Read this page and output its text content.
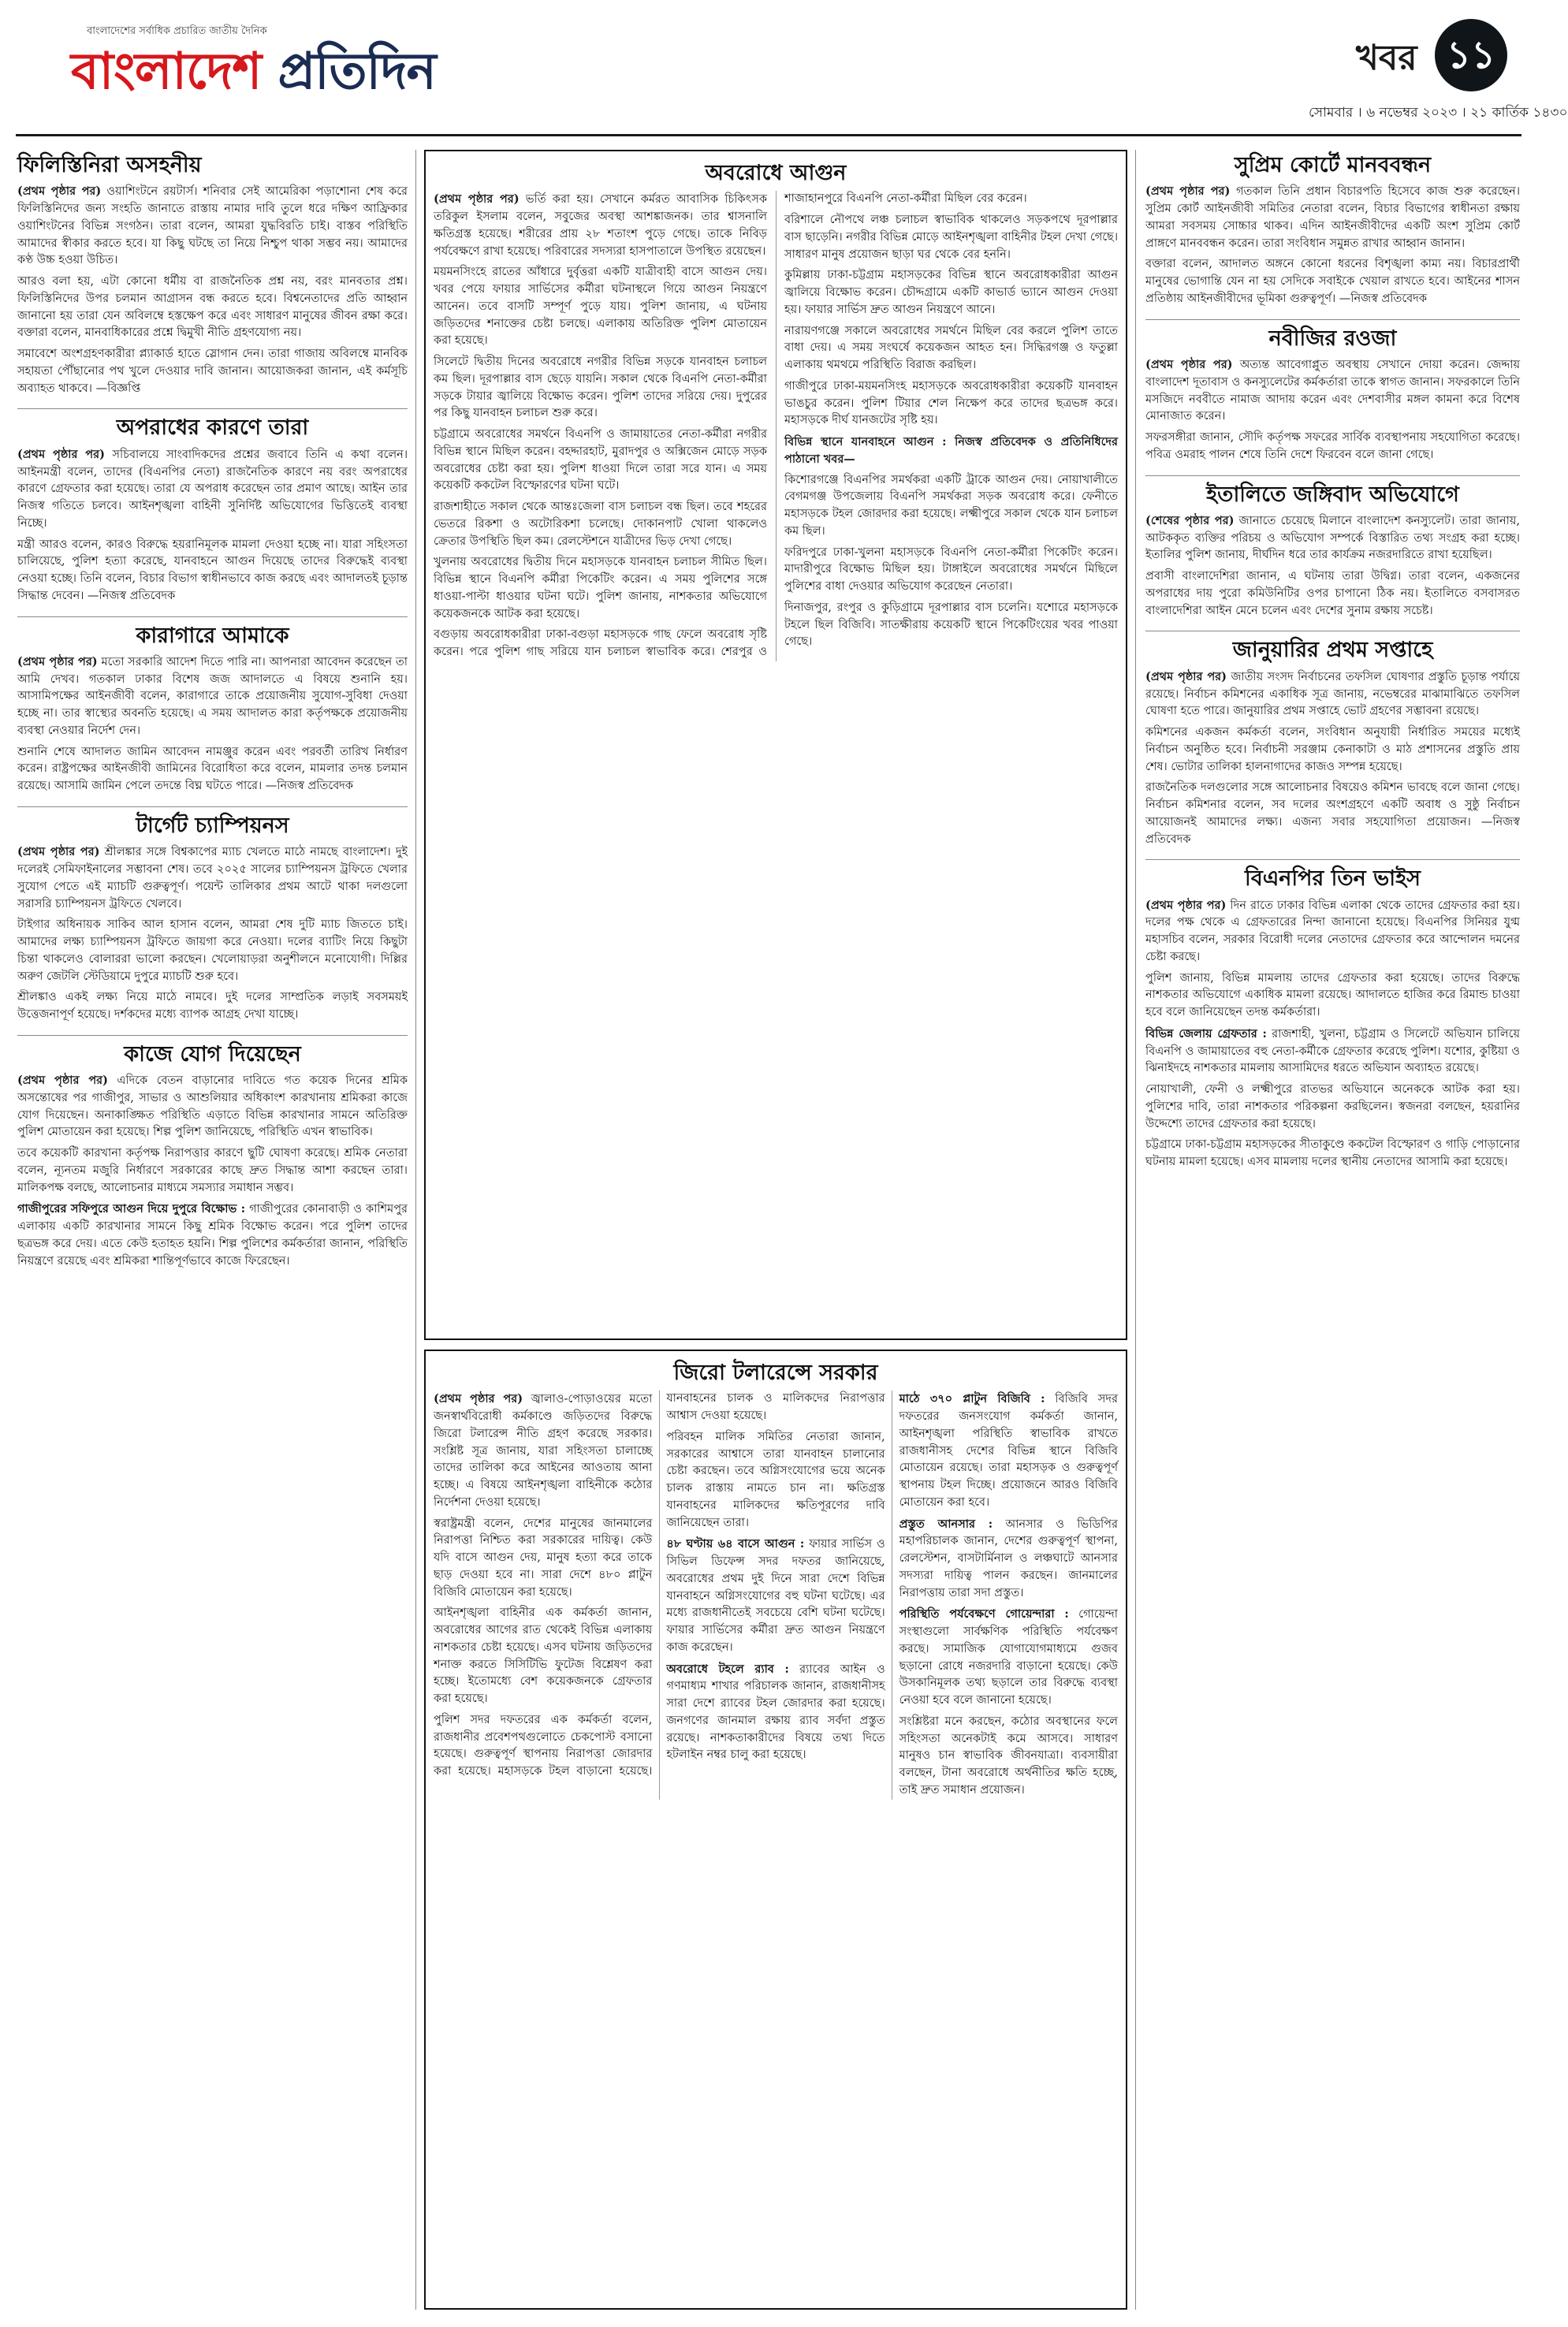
বাংলাদেশের সর্বাধিক প্রচারিত জাতীয় দৈনিক
বাংলাদেশ প্রতিদিন	খবর ১১
সোমবার । ৬ নভেম্বর ২০২৩ । ২১ কার্তিক ১৪৩০
ফিলিস্তিনিরা অসহনীয়

(প্রথম পৃষ্ঠার পর) ওয়াশিংটনে রয়টার্স। শনিবার সেই আমেরিকা পড়াশোনা শেষ করে ফিলিস্তিনিদের জন্য সংহতি জানাতে রাস্তায় নামার দাবি তুলে ধরে দক্ষিণ আফ্রিকার ওয়াশিংটনের বিভিন্ন সংগঠন। তারা বলেন, আমরা যুদ্ধবিরতি চাই। বাস্তব পরিস্থিতি আমাদের স্বীকার করতে হবে। যা কিছু ঘটছে তা নিয়ে নিশ্চুপ থাকা সম্ভব নয়। আমাদের কণ্ঠ উচ্চ হওয়া উচিত।

আরও বলা হয়, এটা কোনো ধর্মীয় বা রাজনৈতিক প্রশ্ন নয়, বরং মানবতার প্রশ্ন। ফিলিস্তিনিদের উপর চলমান আগ্রাসন বন্ধ করতে হবে। বিশ্বনেতাদের প্রতি আহ্বান জানানো হয় তারা যেন অবিলম্বে হস্তক্ষেপ করে এবং সাধারণ মানুষের জীবন রক্ষা করে। বক্তারা বলেন, মানবাধিকারের প্রশ্নে দ্বিমুখী নীতি গ্রহণযোগ্য নয়।

সমাবেশে অংশগ্রহণকারীরা প্ল্যাকার্ড হাতে স্লোগান দেন। তারা গাজায় অবিলম্বে মানবিক সহায়তা পৌঁছানোর পথ খুলে দেওয়ার দাবি জানান। আয়োজকরা জানান, এই কর্মসূচি অব্যাহত থাকবে। —বিজ্ঞপ্তি

অপরাধের কারণে তারা

(প্রথম পৃষ্ঠার পর) সচিবালয়ে সাংবাদিকদের প্রশ্নের জবাবে তিনি এ কথা বলেন। আইনমন্ত্রী বলেন, তাদের (বিএনপির নেতা) রাজনৈতিক কারণে নয় বরং অপরাধের কারণে গ্রেফতার করা হয়েছে। তারা যে অপরাধ করেছেন তার প্রমাণ আছে। আইন তার নিজস্ব গতিতে চলবে। আইনশৃঙ্খলা বাহিনী সুনির্দিষ্ট অভিযোগের ভিত্তিতেই ব্যবস্থা নিচ্ছে।

মন্ত্রী আরও বলেন, কারও বিরুদ্ধে হয়রানিমূলক মামলা দেওয়া হচ্ছে না। যারা সহিংসতা চালিয়েছে, পুলিশ হত্যা করেছে, যানবাহনে আগুন দিয়েছে তাদের বিরুদ্ধেই ব্যবস্থা নেওয়া হচ্ছে। তিনি বলেন, বিচার বিভাগ স্বাধীনভাবে কাজ করছে এবং আদালতই চূড়ান্ত সিদ্ধান্ত দেবেন। —নিজস্ব প্রতিবেদক

কারাগারে আমাকে

(প্রথম পৃষ্ঠার পর) মতো সরকারি আদেশ দিতে পারি না। আপনারা আবেদন করেছেন তা আমি দেখব। গতকাল ঢাকার বিশেষ জজ আদালতে এ বিষয়ে শুনানি হয়। আসামিপক্ষের আইনজীবী বলেন, কারাগারে তাকে প্রয়োজনীয় সুযোগ-সুবিধা দেওয়া হচ্ছে না। তার স্বাস্থ্যের অবনতি হয়েছে। এ সময় আদালত কারা কর্তৃপক্ষকে প্রয়োজনীয় ব্যবস্থা নেওয়ার নির্দেশ দেন।

শুনানি শেষে আদালত জামিন আবেদন নামঞ্জুর করেন এবং পরবর্তী তারিখ নির্ধারণ করেন। রাষ্ট্রপক্ষের আইনজীবী জামিনের বিরোধিতা করে বলেন, মামলার তদন্ত চলমান রয়েছে। আসামি জামিন পেলে তদন্তে বিঘ্ন ঘটতে পারে। —নিজস্ব প্রতিবেদক

টার্গেট চ্যাম্পিয়নস

(প্রথম পৃষ্ঠার পর) শ্রীলঙ্কার সঙ্গে বিশ্বকাপের ম্যাচ খেলতে মাঠে নামছে বাংলাদেশ। দুই দলেরই সেমিফাইনালের সম্ভাবনা শেষ। তবে ২০২৫ সালের চ্যাম্পিয়নস ট্রফিতে খেলার সুযোগ পেতে এই ম্যাচটি গুরুত্বপূর্ণ। পয়েন্ট তালিকার প্রথম আটে থাকা দলগুলো সরাসরি চ্যাম্পিয়নস ট্রফিতে খেলবে।

টাইগার অধিনায়ক সাকিব আল হাসান বলেন, আমরা শেষ দুটি ম্যাচ জিততে চাই। আমাদের লক্ষ্য চ্যাম্পিয়নস ট্রফিতে জায়গা করে নেওয়া। দলের ব্যাটিং নিয়ে কিছুটা চিন্তা থাকলেও বোলাররা ভালো করছেন। খেলোয়াড়রা অনুশীলনে মনোযোগী। দিল্লির অরুণ জেটলি স্টেডিয়ামে দুপুরে ম্যাচটি শুরু হবে।

শ্রীলঙ্কাও একই লক্ষ্য নিয়ে মাঠে নামবে। দুই দলের সাম্প্রতিক লড়াই সবসময়ই উত্তেজনাপূর্ণ হয়েছে। দর্শকদের মধ্যে ব্যাপক আগ্রহ দেখা যাচ্ছে।

কাজে যোগ দিয়েছেন

(প্রথম পৃষ্ঠার পর) এদিকে বেতন বাড়ানোর দাবিতে গত কয়েক দিনের শ্রমিক অসন্তোষের পর গাজীপুর, সাভার ও আশুলিয়ার অধিকাংশ কারখানায় শ্রমিকরা কাজে যোগ দিয়েছেন। অনাকাঙ্ক্ষিত পরিস্থিতি এড়াতে বিভিন্ন কারখানার সামনে অতিরিক্ত পুলিশ মোতায়েন করা হয়েছে। শিল্প পুলিশ জানিয়েছে, পরিস্থিতি এখন স্বাভাবিক।

তবে কয়েকটি কারখানা কর্তৃপক্ষ নিরাপত্তার কারণে ছুটি ঘোষণা করেছে। শ্রমিক নেতারা বলেন, ন্যূনতম মজুরি নির্ধারণে সরকারের কাছে দ্রুত সিদ্ধান্ত আশা করছেন তারা। মালিকপক্ষ বলছে, আলোচনার মাধ্যমে সমস্যার সমাধান সম্ভব।

গাজীপুরের সফিপুরে আগুন দিয়ে দুপুরে বিক্ষোভ : গাজীপুরের কোনাবাড়ী ও কাশিমপুর এলাকায় একটি কারখানার সামনে কিছু শ্রমিক বিক্ষোভ করেন। পরে পুলিশ তাদের ছত্রভঙ্গ করে দেয়। এতে কেউ হতাহত হয়নি। শিল্প পুলিশের কর্মকর্তারা জানান, পরিস্থিতি নিয়ন্ত্রণে রয়েছে এবং শ্রমিকরা শান্তিপূর্ণভাবে কাজে ফিরেছেন।

অবরোধে আগুন

(প্রথম পৃষ্ঠার পর) ভর্তি করা হয়। সেখানে কর্মরত আবাসিক চিকিৎসক তরিকুল ইসলাম বলেন, সবুজের অবস্থা আশঙ্কাজনক। তার শ্বাসনালি ক্ষতিগ্রস্ত হয়েছে। শরীরের প্রায় ২৮ শতাংশ পুড়ে গেছে। তাকে নিবিড় পর্যবেক্ষণে রাখা হয়েছে। পরিবারের সদস্যরা হাসপাতালে উপস্থিত রয়েছেন।

ময়মনসিংহে রাতের আঁধারে দুর্বৃত্তরা একটি যাত্রীবাহী বাসে আগুন দেয়। খবর পেয়ে ফায়ার সার্ভিসের কর্মীরা ঘটনাস্থলে গিয়ে আগুন নিয়ন্ত্রণে আনেন। তবে বাসটি সম্পূর্ণ পুড়ে যায়। পুলিশ জানায়, এ ঘটনায় জড়িতদের শনাক্তের চেষ্টা চলছে। এলাকায় অতিরিক্ত পুলিশ মোতায়েন করা হয়েছে।

সিলেটে দ্বিতীয় দিনের অবরোধে নগরীর বিভিন্ন সড়কে যানবাহন চলাচল কম ছিল। দূরপাল্লার বাস ছেড়ে যায়নি। সকাল থেকে বিএনপি নেতা-কর্মীরা সড়কে টায়ার জ্বালিয়ে বিক্ষোভ করেন। পুলিশ তাদের সরিয়ে দেয়। দুপুরের পর কিছু যানবাহন চলাচল শুরু করে।

চট্টগ্রামে অবরোধের সমর্থনে বিএনপি ও জামায়াতের নেতা-কর্মীরা নগরীর বিভিন্ন স্থানে মিছিল করেন। বহদ্দারহাট, মুরাদপুর ও অক্সিজেন মোড়ে সড়ক অবরোধের চেষ্টা করা হয়। পুলিশ ধাওয়া দিলে তারা সরে যান। এ সময় কয়েকটি ককটেল বিস্ফোরণের ঘটনা ঘটে।

রাজশাহীতে সকাল থেকে আন্তঃজেলা বাস চলাচল বন্ধ ছিল। তবে শহরের ভেতরে রিকশা ও অটোরিকশা চলেছে। দোকানপাট খোলা থাকলেও ক্রেতার উপস্থিতি ছিল কম। রেলস্টেশনে যাত্রীদের ভিড় দেখা গেছে।

খুলনায় অবরোধের দ্বিতীয় দিনে মহাসড়কে যানবাহন চলাচল সীমিত ছিল। বিভিন্ন স্থানে বিএনপি কর্মীরা পিকেটিং করেন। এ সময় পুলিশের সঙ্গে ধাওয়া-পাল্টা ধাওয়ার ঘটনা ঘটে। পুলিশ জানায়, নাশকতার অভিযোগে কয়েকজনকে আটক করা হয়েছে।

বগুড়ায় অবরোধকারীরা ঢাকা-বগুড়া মহাসড়কে গাছ ফেলে অবরোধ সৃষ্টি করেন। পরে পুলিশ গাছ সরিয়ে যান চলাচল স্বাভাবিক করে। শেরপুর ও শাজাহানপুরে বিএনপি নেতা-কর্মীরা মিছিল বের করেন।

বরিশালে নৌপথে লঞ্চ চলাচল স্বাভাবিক থাকলেও সড়কপথে দূরপাল্লার বাস ছাড়েনি। নগরীর বিভিন্ন মোড়ে আইনশৃঙ্খলা বাহিনীর টহল দেখা গেছে। সাধারণ মানুষ প্রয়োজন ছাড়া ঘর থেকে বের হননি।

কুমিল্লায় ঢাকা-চট্টগ্রাম মহাসড়কের বিভিন্ন স্থানে অবরোধকারীরা আগুন জ্বালিয়ে বিক্ষোভ করেন। চৌদ্দগ্রামে একটি কাভার্ড ভ্যানে আগুন দেওয়া হয়। ফায়ার সার্ভিস দ্রুত আগুন নিয়ন্ত্রণে আনে।

নারায়ণগঞ্জে সকালে অবরোধের সমর্থনে মিছিল বের করলে পুলিশ তাতে বাধা দেয়। এ সময় সংঘর্ষে কয়েকজন আহত হন। সিদ্ধিরগঞ্জ ও ফতুল্লা এলাকায় থমথমে পরিস্থিতি বিরাজ করছিল।

গাজীপুরে ঢাকা-ময়মনসিংহ মহাসড়কে অবরোধকারীরা কয়েকটি যানবাহন ভাঙচুর করেন। পুলিশ টিয়ার শেল নিক্ষেপ করে তাদের ছত্রভঙ্গ করে। মহাসড়কে দীর্ঘ যানজটের সৃষ্টি হয়।

বিভিন্ন স্থানে যানবাহনে আগুন : নিজস্ব প্রতিবেদক ও প্রতিনিধিদের পাঠানো খবর—

কিশোরগঞ্জে বিএনপির সমর্থকরা একটি ট্রাকে আগুন দেয়। নোয়াখালীতে বেগমগঞ্জ উপজেলায় বিএনপি সমর্থকরা সড়ক অবরোধ করে। ফেনীতে মহাসড়কে টহল জোরদার করা হয়েছে। লক্ষ্মীপুরে সকাল থেকে যান চলাচল কম ছিল।

ফরিদপুরে ঢাকা-খুলনা মহাসড়কে বিএনপি নেতা-কর্মীরা পিকেটিং করেন। মাদারীপুরে বিক্ষোভ মিছিল হয়। টাঙ্গাইলে অবরোধের সমর্থনে মিছিলে পুলিশের বাধা দেওয়ার অভিযোগ করেছেন নেতারা।

দিনাজপুর, রংপুর ও কুড়িগ্রামে দূরপাল্লার বাস চলেনি। যশোরে মহাসড়কে টহলে ছিল বিজিবি। সাতক্ষীরায় কয়েকটি স্থানে পিকেটিংয়ের খবর পাওয়া গেছে।

জিরো টলারেন্সে সরকার

(প্রথম পৃষ্ঠার পর) জ্বালাও-পোড়াওয়ের মতো জনস্বার্থবিরোধী কর্মকাণ্ডে জড়িতদের বিরুদ্ধে জিরো টলারেন্স নীতি গ্রহণ করেছে সরকার। সংশ্লিষ্ট সূত্র জানায়, যারা সহিংসতা চালাচ্ছে তাদের তালিকা করে আইনের আওতায় আনা হচ্ছে। এ বিষয়ে আইনশৃঙ্খলা বাহিনীকে কঠোর নির্দেশনা দেওয়া হয়েছে।

স্বরাষ্ট্রমন্ত্রী বলেন, দেশের মানুষের জানমালের নিরাপত্তা নিশ্চিত করা সরকারের দায়িত্ব। কেউ যদি বাসে আগুন দেয়, মানুষ হত্যা করে তাকে ছাড় দেওয়া হবে না। সারা দেশে ৪৮০ প্লাটুন বিজিবি মোতায়েন করা হয়েছে।

আইনশৃঙ্খলা বাহিনীর এক কর্মকর্তা জানান, অবরোধের আগের রাত থেকেই বিভিন্ন এলাকায় নাশকতার চেষ্টা হয়েছে। এসব ঘটনায় জড়িতদের শনাক্ত করতে সিসিটিভি ফুটেজ বিশ্লেষণ করা হচ্ছে। ইতোমধ্যে বেশ কয়েকজনকে গ্রেফতার করা হয়েছে।

পুলিশ সদর দফতরের এক কর্মকর্তা বলেন, রাজধানীর প্রবেশপথগুলোতে চেকপোস্ট বসানো হয়েছে। গুরুত্বপূর্ণ স্থাপনায় নিরাপত্তা জোরদার করা হয়েছে। মহাসড়কে টহল বাড়ানো হয়েছে। যানবাহনের চালক ও মালিকদের নিরাপত্তার আশ্বাস দেওয়া হয়েছে।

পরিবহন মালিক সমিতির নেতারা জানান, সরকারের আশ্বাসে তারা যানবাহন চালানোর চেষ্টা করছেন। তবে অগ্নিসংযোগের ভয়ে অনেক চালক রাস্তায় নামতে চান না। ক্ষতিগ্রস্ত যানবাহনের মালিকদের ক্ষতিপূরণের দাবি জানিয়েছেন তারা।

৪৮ ঘণ্টায় ৬৪ বাসে আগুন : ফায়ার সার্ভিস ও সিভিল ডিফেন্স সদর দফতর জানিয়েছে, অবরোধের প্রথম দুই দিনে সারা দেশে বিভিন্ন যানবাহনে অগ্নিসংযোগের বহু ঘটনা ঘটেছে। এর মধ্যে রাজধানীতেই সবচেয়ে বেশি ঘটনা ঘটেছে। ফায়ার সার্ভিসের কর্মীরা দ্রুত আগুন নিয়ন্ত্রণে কাজ করেছেন।

অবরোধে টহলে র‍্যাব : র‍্যাবের আইন ও গণমাধ্যম শাখার পরিচালক জানান, রাজধানীসহ সারা দেশে র‍্যাবের টহল জোরদার করা হয়েছে। জনগণের জানমাল রক্ষায় র‍্যাব সর্বদা প্রস্তুত রয়েছে। নাশকতাকারীদের বিষয়ে তথ্য দিতে হটলাইন নম্বর চালু করা হয়েছে।

মাঠে ৩৭০ প্লাটুন বিজিবি : বিজিবি সদর দফতরের জনসংযোগ কর্মকর্তা জানান, আইনশৃঙ্খলা পরিস্থিতি স্বাভাবিক রাখতে রাজধানীসহ দেশের বিভিন্ন স্থানে বিজিবি মোতায়েন রয়েছে। তারা মহাসড়ক ও গুরুত্বপূর্ণ স্থাপনায় টহল দিচ্ছে। প্রয়োজনে আরও বিজিবি মোতায়েন করা হবে।

প্রস্তুত আনসার : আনসার ও ভিডিপির মহাপরিচালক জানান, দেশের গুরুত্বপূর্ণ স্থাপনা, রেলস্টেশন, বাসটার্মিনাল ও লঞ্চঘাটে আনসার সদস্যরা দায়িত্ব পালন করছেন। জানমালের নিরাপত্তায় তারা সদা প্রস্তুত।

পরিস্থিতি পর্যবেক্ষণে গোয়েন্দারা : গোয়েন্দা সংস্থাগুলো সার্বক্ষণিক পরিস্থিতি পর্যবেক্ষণ করছে। সামাজিক যোগাযোগমাধ্যমে গুজব ছড়ানো রোধে নজরদারি বাড়ানো হয়েছে। কেউ উসকানিমূলক তথ্য ছড়ালে তার বিরুদ্ধে ব্যবস্থা নেওয়া হবে বলে জানানো হয়েছে।

সংশ্লিষ্টরা মনে করছেন, কঠোর অবস্থানের ফলে সহিংসতা অনেকটাই কমে আসবে। সাধারণ মানুষও চান স্বাভাবিক জীবনযাত্রা। ব্যবসায়ীরা বলছেন, টানা অবরোধে অর্থনীতির ক্ষতি হচ্ছে, তাই দ্রুত সমাধান প্রয়োজন।

সুপ্রিম কোর্টে মানববন্ধন

(প্রথম পৃষ্ঠার পর) গতকাল তিনি প্রধান বিচারপতি হিসেবে কাজ শুরু করেছেন। সুপ্রিম কোর্ট আইনজীবী সমিতির নেতারা বলেন, বিচার বিভাগের স্বাধীনতা রক্ষায় আমরা সবসময় সোচ্চার থাকব। এদিন আইনজীবীদের একটি অংশ সুপ্রিম কোর্ট প্রাঙ্গণে মানববন্ধন করেন। তারা সংবিধান সমুন্নত রাখার আহ্বান জানান।

বক্তারা বলেন, আদালত অঙ্গনে কোনো ধরনের বিশৃঙ্খলা কাম্য নয়। বিচারপ্রার্থী মানুষের ভোগান্তি যেন না হয় সেদিকে সবাইকে খেয়াল রাখতে হবে। আইনের শাসন প্রতিষ্ঠায় আইনজীবীদের ভূমিকা গুরুত্বপূর্ণ। —নিজস্ব প্রতিবেদক

নবীজির রওজা

(প্রথম পৃষ্ঠার পর) অত্যন্ত আবেগাপ্লুত অবস্থায় সেখানে দোয়া করেন। জেদ্দায় বাংলাদেশ দূতাবাস ও কনস্যুলেটের কর্মকর্তারা তাকে স্বাগত জানান। সফরকালে তিনি মসজিদে নববীতে নামাজ আদায় করেন এবং দেশবাসীর মঙ্গল কামনা করে বিশেষ মোনাজাত করেন।

সফরসঙ্গীরা জানান, সৌদি কর্তৃপক্ষ সফরের সার্বিক ব্যবস্থাপনায় সহযোগিতা করেছে। পবিত্র ওমরাহ পালন শেষে তিনি দেশে ফিরবেন বলে জানা গেছে।

ইতালিতে জঙ্গিবাদ অভিযোগে

(শেষের পৃষ্ঠার পর) জানাতে চেয়েছে মিলানে বাংলাদেশ কনস্যুলেট। তারা জানায়, আটককৃত ব্যক্তির পরিচয় ও অভিযোগ সম্পর্কে বিস্তারিত তথ্য সংগ্রহ করা হচ্ছে। ইতালির পুলিশ জানায়, দীর্ঘদিন ধরে তার কার্যক্রম নজরদারিতে রাখা হয়েছিল।

প্রবাসী বাংলাদেশিরা জানান, এ ঘটনায় তারা উদ্বিগ্ন। তারা বলেন, একজনের অপরাধের দায় পুরো কমিউনিটির ওপর চাপানো ঠিক নয়। ইতালিতে বসবাসরত বাংলাদেশিরা আইন মেনে চলেন এবং দেশের সুনাম রক্ষায় সচেষ্ট।

জানুয়ারির প্রথম সপ্তাহে

(প্রথম পৃষ্ঠার পর) জাতীয় সংসদ নির্বাচনের তফসিল ঘোষণার প্রস্তুতি চূড়ান্ত পর্যায়ে রয়েছে। নির্বাচন কমিশনের একাধিক সূত্র জানায়, নভেম্বরের মাঝামাঝিতে তফসিল ঘোষণা হতে পারে। জানুয়ারির প্রথম সপ্তাহে ভোট গ্রহণের সম্ভাবনা রয়েছে।

কমিশনের একজন কর্মকর্তা বলেন, সংবিধান অনুযায়ী নির্ধারিত সময়ের মধ্যেই নির্বাচন অনুষ্ঠিত হবে। নির্বাচনী সরঞ্জাম কেনাকাটা ও মাঠ প্রশাসনের প্রস্তুতি প্রায় শেষ। ভোটার তালিকা হালনাগাদের কাজও সম্পন্ন হয়েছে।

রাজনৈতিক দলগুলোর সঙ্গে আলোচনার বিষয়েও কমিশন ভাবছে বলে জানা গেছে। নির্বাচন কমিশনার বলেন, সব দলের অংশগ্রহণে একটি অবাধ ও সুষ্ঠু নির্বাচন আয়োজনই আমাদের লক্ষ্য। এজন্য সবার সহযোগিতা প্রয়োজন। —নিজস্ব প্রতিবেদক

বিএনপির তিন ভাইস

(প্রথম পৃষ্ঠার পর) দিন রাতে ঢাকার বিভিন্ন এলাকা থেকে তাদের গ্রেফতার করা হয়। দলের পক্ষ থেকে এ গ্রেফতারের নিন্দা জানানো হয়েছে। বিএনপির সিনিয়র যুগ্ম মহাসচিব বলেন, সরকার বিরোধী দলের নেতাদের গ্রেফতার করে আন্দোলন দমনের চেষ্টা করছে।

পুলিশ জানায়, বিভিন্ন মামলায় তাদের গ্রেফতার করা হয়েছে। তাদের বিরুদ্ধে নাশকতার অভিযোগে একাধিক মামলা রয়েছে। আদালতে হাজির করে রিমান্ড চাওয়া হবে বলে জানিয়েছেন তদন্ত কর্মকর্তারা।

বিভিন্ন জেলায় গ্রেফতার : রাজশাহী, খুলনা, চট্টগ্রাম ও সিলেটে অভিযান চালিয়ে বিএনপি ও জামায়াতের বহু নেতা-কর্মীকে গ্রেফতার করেছে পুলিশ। যশোর, কুষ্টিয়া ও ঝিনাইদহে নাশকতার মামলায় আসামিদের ধরতে অভিযান অব্যাহত রয়েছে।

নোয়াখালী, ফেনী ও লক্ষ্মীপুরে রাতভর অভিযানে অনেককে আটক করা হয়। পুলিশের দাবি, তারা নাশকতার পরিকল্পনা করছিলেন। স্বজনরা বলছেন, হয়রানির উদ্দেশ্যে তাদের গ্রেফতার করা হয়েছে।

চট্টগ্রামে ঢাকা-চট্টগ্রাম মহাসড়কের সীতাকুণ্ডে ককটেল বিস্ফোরণ ও গাড়ি পোড়ানোর ঘটনায় মামলা হয়েছে। এসব মামলায় দলের স্থানীয় নেতাদের আসামি করা হয়েছে।
